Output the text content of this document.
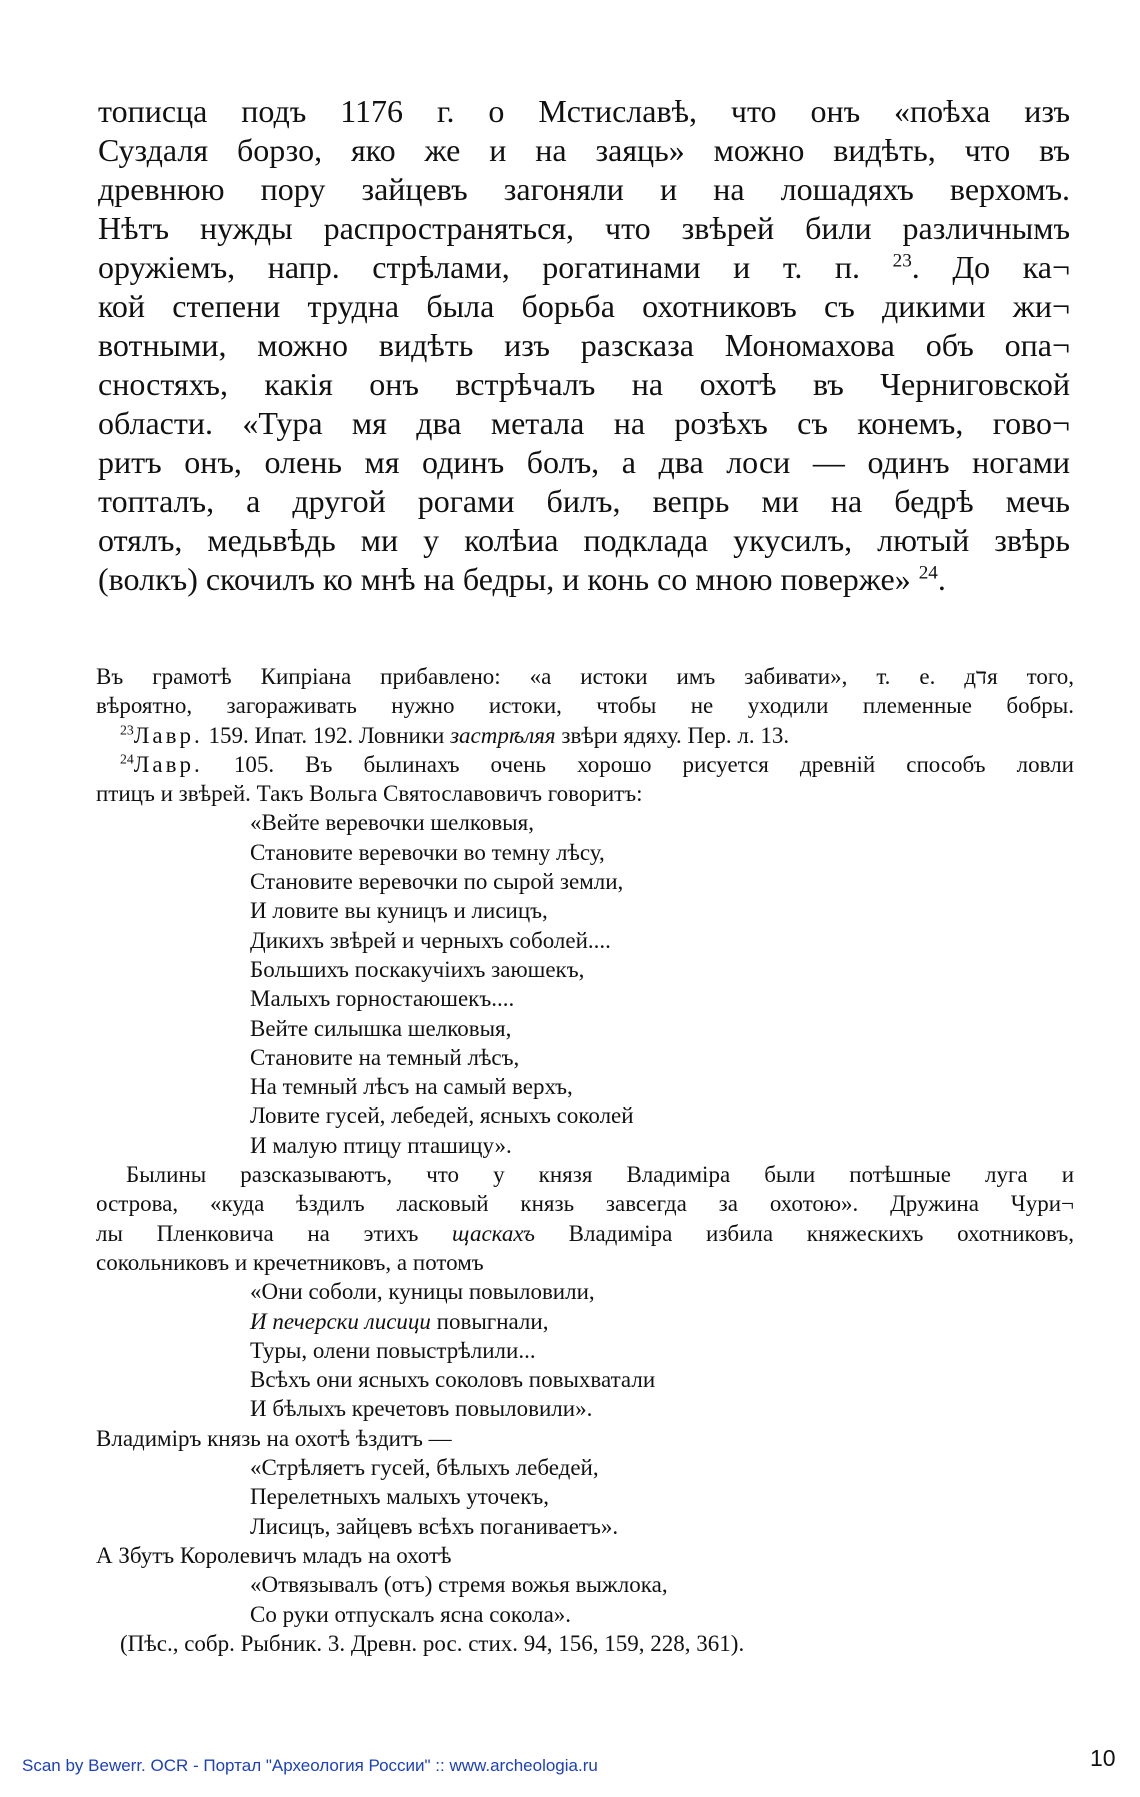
тописца подъ 1176 г. о Мстиславѣ, что онъ «поѣха изъ
Суздаля борзо, яко же и на заяць» можно видѣть, что въ
древнюю пору зайцевъ загоняли и на лошадяхъ верхомъ.
Нѣтъ нужды распространяться, что звѣрей били различнымъ
оружіемъ, напр. стрѣлами, рогатинами и т. п. $^{23}$. До ка¬
кой степени трудна была борьба охотниковъ съ дикими жи¬
вотными, можно видѣть изъ разсказа Мономахова объ опа¬
сностяхъ, какія онъ встрѣчалъ на охотѣ въ Черниговской
области. «Тура мя два метала на розѣхъ съ конемъ, гово¬
ритъ онъ, олень мя одинъ болъ, а два лоси — одинъ ногами
топталъ, а другой рогами билъ, вепрь ми на бедрѣ мечь
отялъ, медьвѣдь ми у колѣиа подклада укусилъ, лютый звѣрь
(волкъ) скочилъ ко мнѣ на бедры, и конь со мною поверже» $^{24}$.
Въ грамотѣ Кипріана прибавлено: «а истоки имъ забивати», т. е. дדя того,
вѣроятно, загораживать нужно истоки, чтобы не уходили племенные бобры.
$^{23}$Лавр. 159. Ипат. 192. Ловники застрѣляя звѣри ядяху. Пер. л. 13.
$^{24}$Лавр. 105. Въ былинахъ очень хорошо рисуется древній способъ ловли
птицъ и звѣрей. Такъ Вольга Святославовичъ говоритъ:
«Вейте веревочки шелковыя,
Становите веревочки во темну лѣсу,
Становите веревочки по сырой земли,
И ловите вы куницъ и лисицъ,
Дикихъ звѣрей и черныхъ соболей....
Большихъ поскакучіихъ заюшекъ,
Малыхъ горностаюшекъ....
Вейте силышка шелковыя,
Становите на темный лѣсъ,
На темный лѣсъ на самый верхъ,
Ловите гусей, лебедей, ясныхъ соколей
И малую птицу пташицу».
Былины разсказываютъ, что у князя Владиміра были потѣшные луга и
острова, «куда ѣздилъ ласковый князь завсегда за охотою». Дружина Чури¬
лы Пленковича на этихъ щаскахъ Владиміра избила княжескихъ охотниковъ,
сокольниковъ и кречетниковъ, а потомъ
«Они соболи, куницы повыловили,
И печерски лисици повыгнали,
Туры, олени повыстрѣлили...
Всѣхъ они ясныхъ соколовъ повыхватали
И бѣлыхъ кречетовъ повыловили».
Владиміръ князь на охотѣ ѣздитъ —
«Стрѣляетъ гусей, бѣлыхъ лебедей,
Перелетныхъ малыхъ уточекъ,
Лисицъ, зайцевъ всѣхъ поганиваетъ».
А Збутъ Королевичъ младъ на охотѣ
«Отвязывалъ (отъ) стремя вожья выжлока,
Со руки отпускалъ ясна сокола».
(Пѣс., собр. Рыбник. 3. Древн. рос. стих. 94, 156, 159, 228, 361).
Scan by Bewerr. OCR - Портал "Археология России" :: www.archeologia.ru	10
